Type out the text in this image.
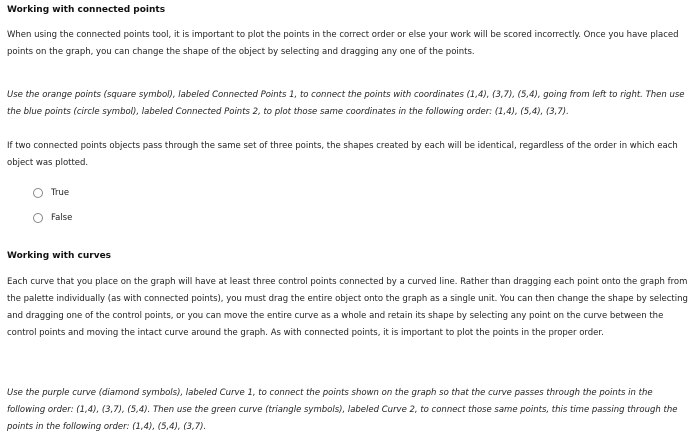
Working with connected points
When using the connected points tool, it is important to plot the points in the correct order or else your work will be scored incorrectly. Once you have placed points on the graph, you can change the shape of the object by selecting and dragging any one of the points.
Use the orange points (square symbol), labeled Connected Points 1, to connect the points with coordinates (1,4), (3,7), (5,4), going from left to right. Then use the blue points (circle symbol), labeled Connected Points 2, to plot those same coordinates in the following order: (1,4), (5,4), (3,7).
If two connected points objects pass through the same set of three points, the shapes created by each will be identical, regardless of the order in which each object was plotted.
True
False
Working with curves
Each curve that you place on the graph will have at least three control points connected by a curved line. Rather than dragging each point onto the graph from the palette individually (as with connected points), you must drag the entire object onto the graph as a single unit. You can then change the shape by selecting and dragging one of the control points, or you can move the entire curve as a whole and retain its shape by selecting any point on the curve between the control points and moving the intact curve around the graph. As with connected points, it is important to plot the points in the proper order.
Use the purple curve (diamond symbols), labeled Curve 1, to connect the points shown on the graph so that the curve passes through the points in the following order: (1,4), (3,7), (5,4). Then use the green curve (triangle symbols), labeled Curve 2, to connect those same points, this time passing through the points in the following order: (1,4), (5,4), (3,7).
